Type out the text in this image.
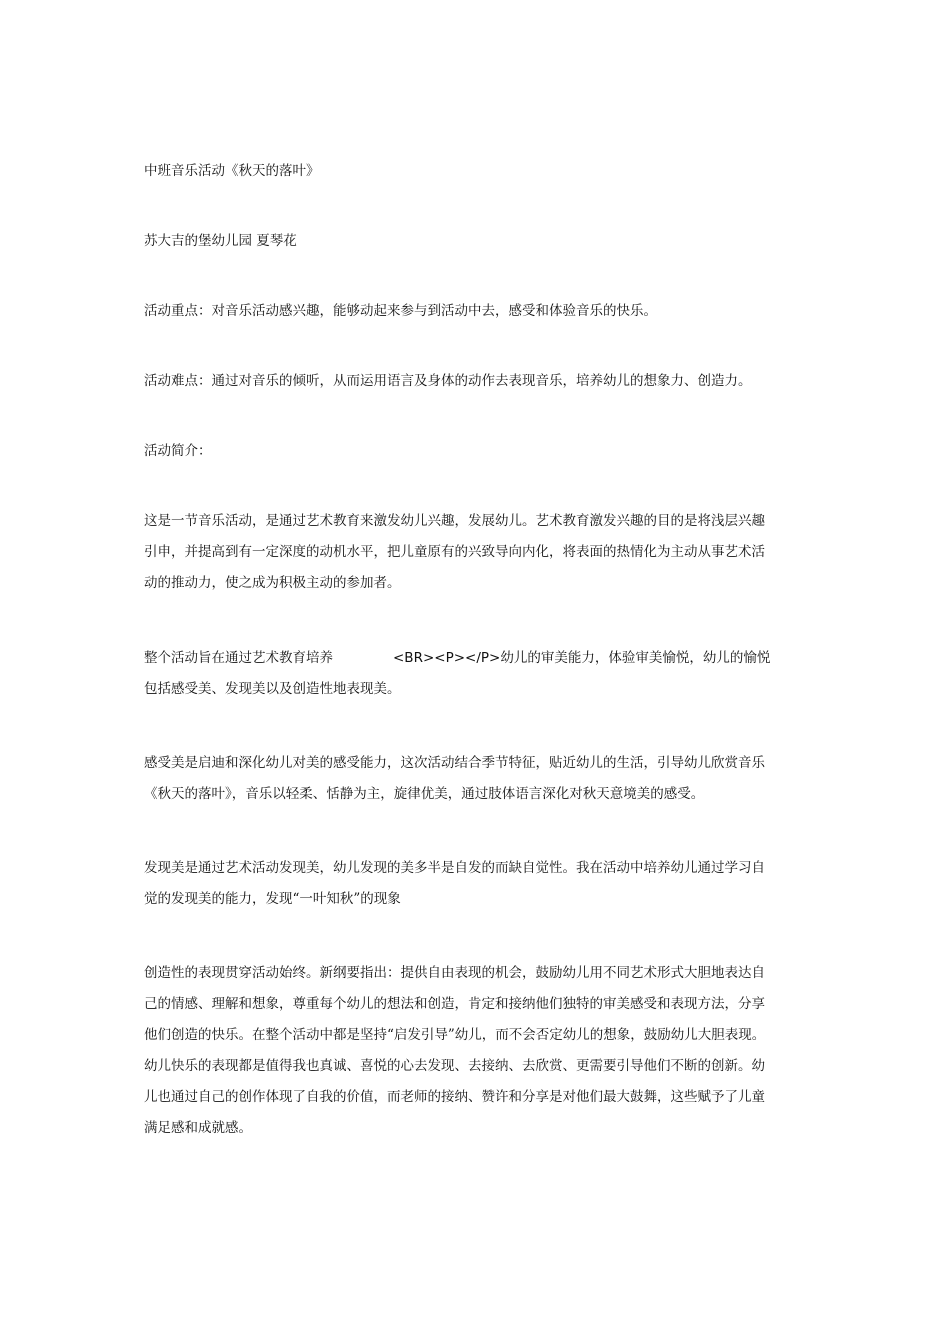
中班音乐活动《秋天的落叶》
苏大吉的堡幼儿园 夏琴花
活动重点：对音乐活动感兴趣，能够动起来参与到活动中去，感受和体验音乐的快乐。
活动难点：通过对音乐的倾听，从而运用语言及身体的动作去表现音乐，培养幼儿的想象力、创造力。
活动简介：
这是一节音乐活动，是通过艺术教育来激发幼儿兴趣，发展幼儿。艺术教育激发兴趣的目的是将浅层兴趣
引申，并提高到有一定深度的动机水平，把儿童原有的兴致导向内化，将表面的热情化为主动从事艺术活
动的推动力，使之成为积极主动的参加者。
整个活动旨在通过艺术教育培养	<BR><P></P>幼儿的审美能力，体验审美愉悦，幼儿的愉悦
包括感受美、发现美以及创造性地表现美。
感受美是启迪和深化幼儿对美的感受能力，这次活动结合季节特征，贴近幼儿的生活，引导幼儿欣赏音乐
《秋天的落叶》，音乐以轻柔、恬静为主，旋律优美，通过肢体语言深化对秋天意境美的感受。
发现美是通过艺术活动发现美，幼儿发现的美多半是自发的而缺自觉性。我在活动中培养幼儿通过学习自
觉的发现美的能力，发现“一叶知秋”的现象
创造性的表现贯穿活动始终。新纲要指出：提供自由表现的机会，鼓励幼儿用不同艺术形式大胆地表达自
己的情感、理解和想象，尊重每个幼儿的想法和创造，肯定和接纳他们独特的审美感受和表现方法，分享
他们创造的快乐。在整个活动中都是坚持“启发引导”幼儿，而不会否定幼儿的想象，鼓励幼儿大胆表现。
幼儿快乐的表现都是值得我也真诚、喜悦的心去发现、去接纳、去欣赏、更需要引导他们不断的创新。幼
儿也通过自己的创作体现了自我的价值，而老师的接纳、赞许和分享是对他们最大鼓舞，这些赋予了儿童
满足感和成就感。
